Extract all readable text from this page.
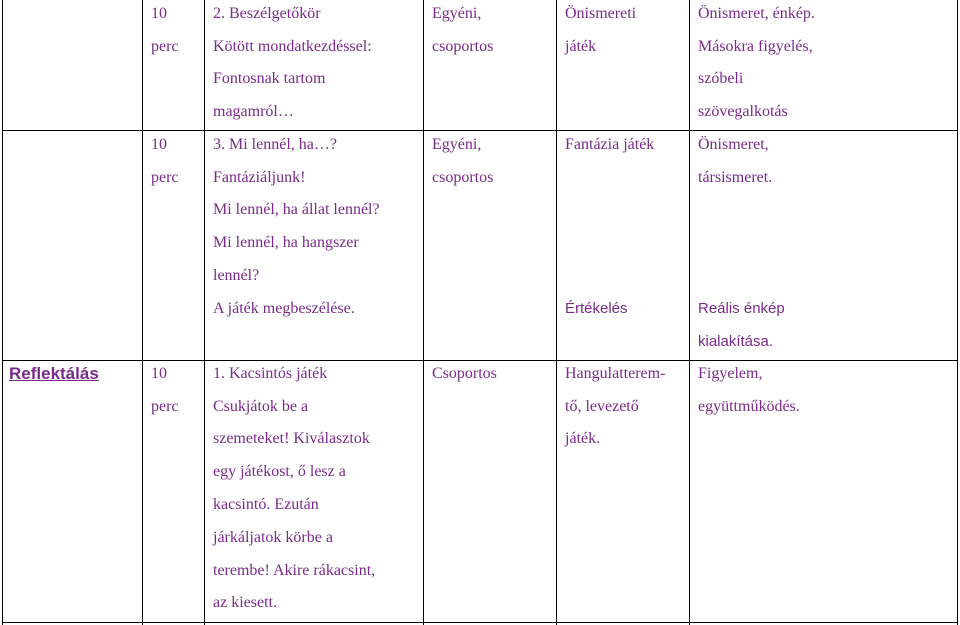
10
perc
2. Beszélgetőkör
Kötött mondatkezdéssel:
Fontosnak tartom
magamról…
Egyéni,
csoportos
Önismereti
játék
Önismeret, énkép.
Másokra figyelés,
szóbeli
szövegalkotás
10
perc
3. Mi lennél, ha…?
Fantáziáljunk!
Mi lennél, ha állat lennél?
Mi lennél, ha hangszer
lennél?
A játék megbeszélése.
Egyéni,
csoportos
Fantázia játék
Értékelés
Önismeret,
társismeret.
Reális énkép
kialakítása.
Reflektálás	10
perc
1. Kacsintós játék
Csukjátok be a
szemeteket! Kiválasztok
egy játékost, ő lesz a
kacsintó. Ezután
járkáljatok körbe a
terembe! Akire rákacsint,
az kiesett.
Csoportos	Hangulatterem-
tő, levezető
játék.
Figyelem,
együttműködés.
